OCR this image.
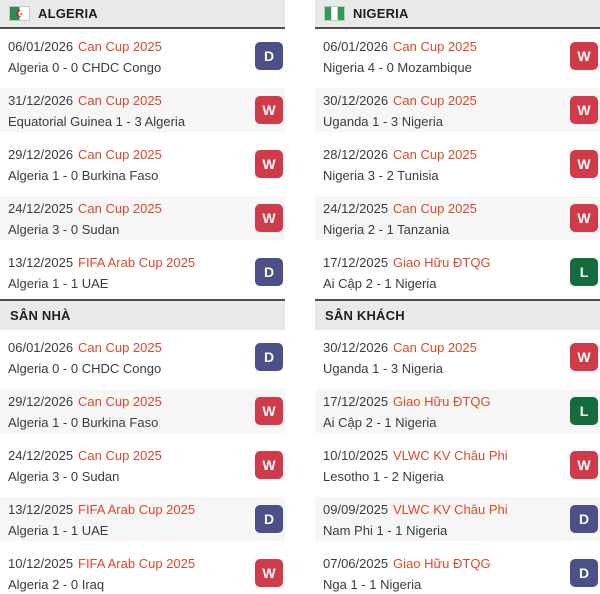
ALGERIA
06/01/2026 Can Cup 2025
Algeria 0 - 0 CHDC Congo
D
31/12/2026 Can Cup 2025
Equatorial Guinea 1 - 3 Algeria
W
29/12/2026 Can Cup 2025
Algeria 1 - 0 Burkina Faso
W
24/12/2025 Can Cup 2025
Algeria 3 - 0 Sudan
W
13/12/2025 FIFA Arab Cup 2025
Algeria 1 - 1 UAE
D
SÂN NHÀ
06/01/2026 Can Cup 2025
Algeria 0 - 0 CHDC Congo
D
29/12/2026 Can Cup 2025
Algeria 1 - 0 Burkina Faso
W
24/12/2025 Can Cup 2025
Algeria 3 - 0 Sudan
W
13/12/2025 FIFA Arab Cup 2025
Algeria 1 - 1 UAE
D
10/12/2025 FIFA Arab Cup 2025
Algeria 2 - 0 Iraq
W
NIGERIA
06/01/2026 Can Cup 2025
Nigeria 4 - 0 Mozambique
W
30/12/2026 Can Cup 2025
Uganda 1 - 3 Nigeria
W
28/12/2026 Can Cup 2025
Nigeria 3 - 2 Tunisia
W
24/12/2025 Can Cup 2025
Nigeria 2 - 1 Tanzania
W
17/12/2025 Giao Hữu ĐTQG
Ai Cập 2 - 1 Nigeria
L
SÂN KHÁCH
30/12/2026 Can Cup 2025
Uganda 1 - 3 Nigeria
W
17/12/2025 Giao Hữu ĐTQG
Ai Cập 2 - 1 Nigeria
L
10/10/2025 VLWC KV Châu Phi
Lesotho 1 - 2 Nigeria
W
09/09/2025 VLWC KV Châu Phi
Nam Phi 1 - 1 Nigeria
D
07/06/2025 Giao Hữu ĐTQG
Nga 1 - 1 Nigeria
D
